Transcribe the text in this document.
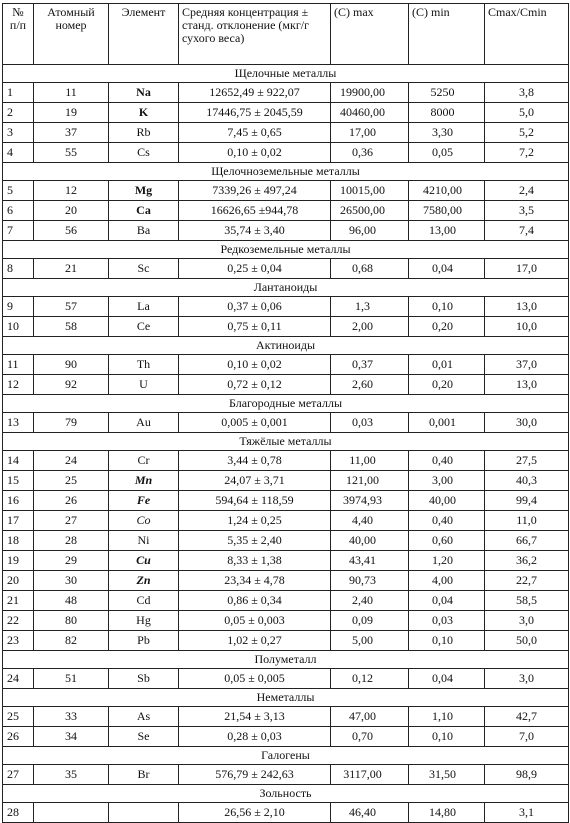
№ п/п	Атомный номер	Элемент	Средняя концентрация ± станд. отклонение (мкг/г сухого веса)	(C) max	(C) min	Cmax/Cmin
Щелочные металлы						
1	11	Na	12652,49 ± 922,07	19900,00	5250	3,8
2	19	K	17446,75 ± 2045,59	40460,00	8000	5,0
3	37	Rb	7,45 ± 0,65	17,00	3,30	5,2
4	55	Cs	0,10 ± 0,02	0,36	0,05	7,2
Щелочноземельные металлы						
5	12	Mg	7339,26 ± 497,24	10015,00	4210,00	2,4
6	20	Ca	16626,65 ±944,78	26500,00	7580,00	3,5
7	56	Ba	35,74 ± 3,40	96,00	13,00	7,4
Редкоземельные металлы						
8	21	Sc	0,25 ± 0,04	0,68	0,04	17,0
Лантаноиды						
9	57	La	0,37 ± 0,06	1,3	0,10	13,0
10	58	Ce	0,75 ± 0,11	2,00	0,20	10,0
Актиноиды						
11	90	Th	0,10 ± 0,02	0,37	0,01	37,0
12	92	U	0,72 ± 0,12	2,60	0,20	13,0
Благородные металлы						
13	79	Au	0,005 ± 0,001	0,03	0,001	30,0
Тяжёлые металлы						
14	24	Cr	3,44 ± 0,78	11,00	0,40	27,5
15	25	Mn	24,07 ± 3,71	121,00	3,00	40,3
16	26	Fe	594,64 ± 118,59	3974,93	40,00	99,4
17	27	Co	1,24 ± 0,25	4,40	0,40	11,0
18	28	Ni	5,35 ± 2,40	40,00	0,60	66,7
19	29	Cu	8,33 ± 1,38	43,41	1,20	36,2
20	30	Zn	23,34 ± 4,78	90,73	4,00	22,7
21	48	Cd	0,86 ± 0,34	2,40	0,04	58,5
22	80	Hg	0,05 ± 0,003	0,09	0,03	3,0
23	82	Pb	1,02 ± 0,27	5,00	0,10	50,0
Полуметалл						
24	51	Sb	0,05 ± 0,005	0,12	0,04	3,0
Неметаллы						
25	33	As	21,54 ± 3,13	47,00	1,10	42,7
26	34	Se	0,28 ± 0,03	0,70	0,10	7,0
Галогены						
27	35	Br	576,79 ± 242,63	3117,00	31,50	98,9
Зольность						
28			26,56 ± 2,10	46,40	14,80	3,1
